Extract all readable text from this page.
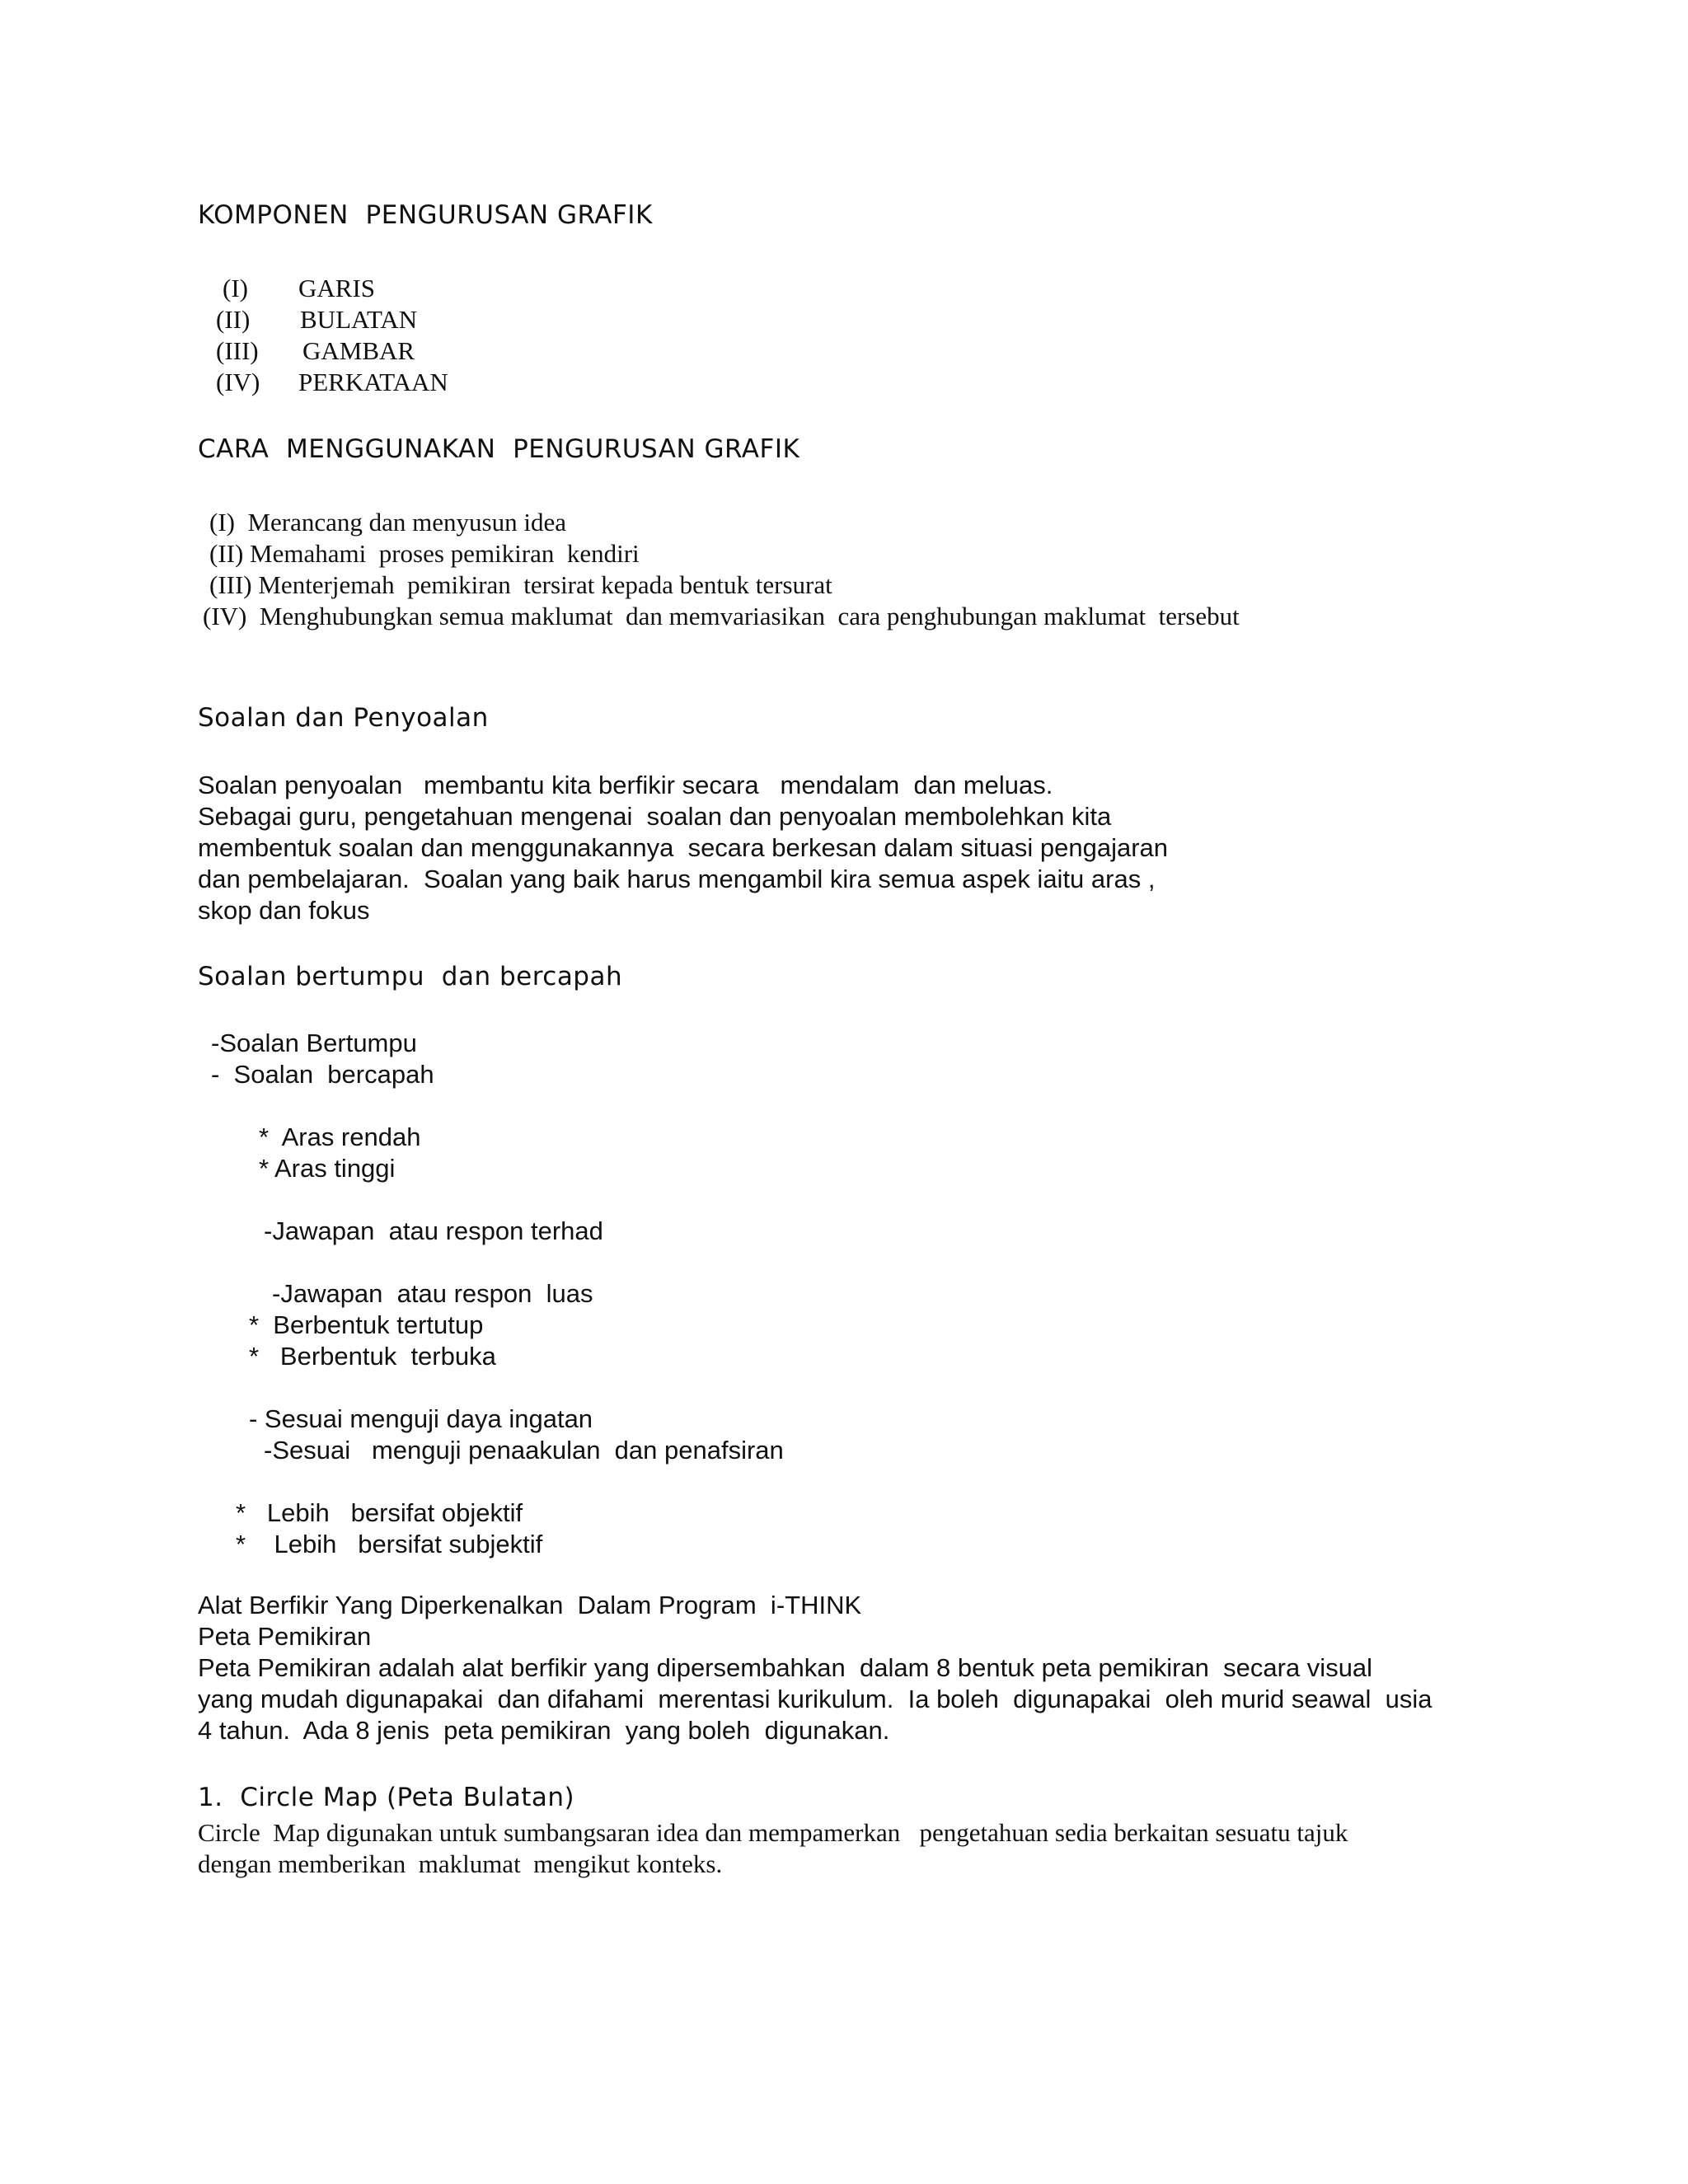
KOMPONEN  PENGURUSAN GRAFIK
(I) GARIS
(II) BULATAN
(III) GAMBAR
(IV) PERKATAAN
CARA  MENGGUNAKAN  PENGURUSAN GRAFIK
(I)  Merancang dan menyusun idea
(II) Memahami  proses pemikiran  kendiri
(III) Menterjemah  pemikiran  tersirat kepada bentuk tersurat
(IV)  Menghubungkan semua maklumat  dan memvariasikan  cara penghubungan maklumat  tersebut
Soalan dan Penyoalan
Soalan penyoalan   membantu kita berfikir secara   mendalam  dan meluas.
Sebagai guru, pengetahuan mengenai  soalan dan penyoalan membolehkan kita
membentuk soalan dan menggunakannya  secara berkesan dalam situasi pengajaran
dan pembelajaran.  Soalan yang baik harus mengambil kira semua aspek iaitu aras ,
skop dan fokus
Soalan bertumpu  dan bercapah
-Soalan Bertumpu
-  Soalan  bercapah
*  Aras rendah
* Aras tinggi
-Jawapan  atau respon terhad
-Jawapan  atau respon  luas
*  Berbentuk tertutup
*   Berbentuk  terbuka
- Sesuai menguji daya ingatan
-Sesuai   menguji penaakulan  dan penafsiran
*   Lebih   bersifat objektif
*    Lebih   bersifat subjektif
Alat Berfikir Yang Diperkenalkan  Dalam Program  i-THINK
Peta Pemikiran
Peta Pemikiran adalah alat berfikir yang dipersembahkan  dalam 8 bentuk peta pemikiran  secara visual
yang mudah digunapakai  dan difahami  merentasi kurikulum.  Ia boleh  digunapakai  oleh murid seawal  usia
4 tahun.  Ada 8 jenis  peta pemikiran  yang boleh  digunakan.
1.  Circle Map (Peta Bulatan)
Circle  Map digunakan untuk sumbangsaran idea dan mempamerkan   pengetahuan sedia berkaitan sesuatu tajuk
dengan memberikan  maklumat  mengikut konteks.
